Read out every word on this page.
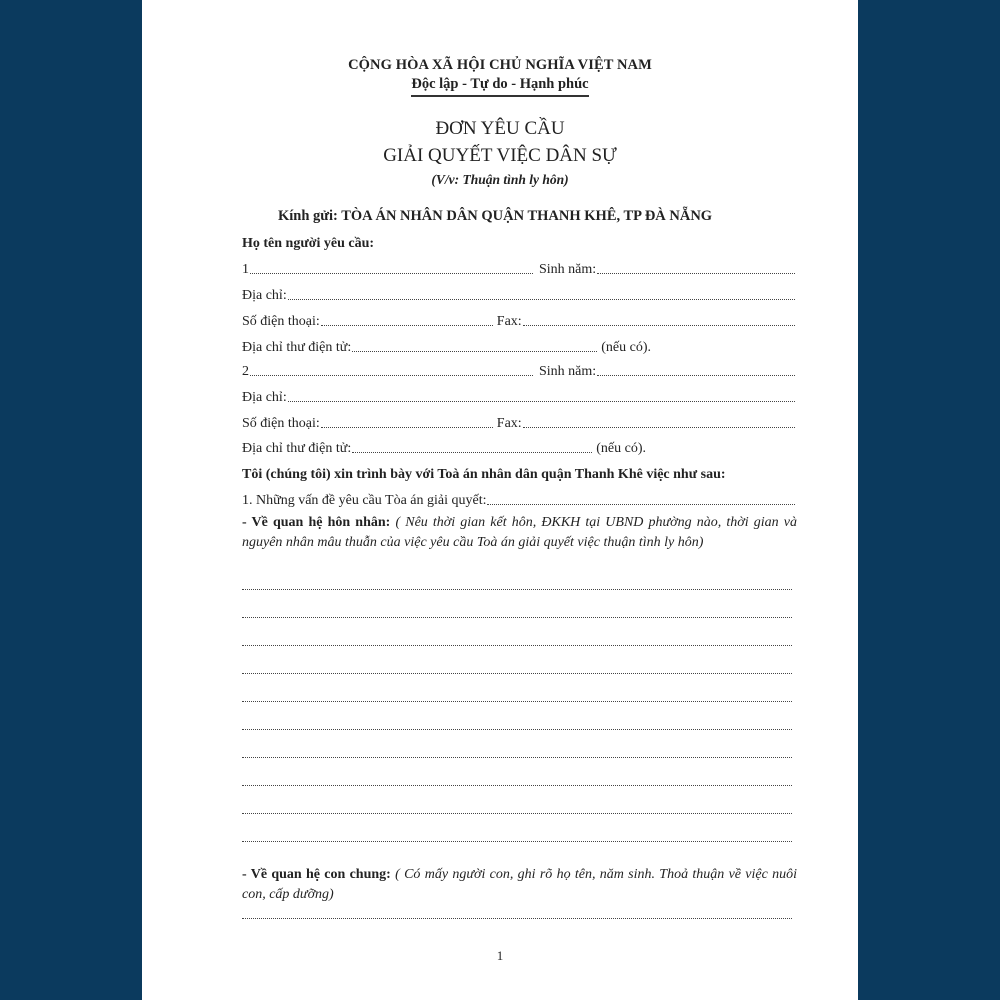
CỘNG HÒA XÃ HỘI CHỦ NGHĨA VIỆT NAM
Độc lập - Tự do - Hạnh phúc
ĐƠN YÊU CẦU
GIẢI QUYẾT VIỆC DÂN SỰ
(V/v: Thuận tình ly hôn)
Kính gửi: TÒA ÁN NHÂN DÂN QUẬN THANH KHÊ, TP ĐÀ NẴNG
Họ tên người yêu cầu:
1	Sinh năm:
Địa chỉ:
Số điện thoại:	Fax:
Địa chỉ thư điện tử:	(nếu có).
2	Sinh năm:
Địa chỉ:
Số điện thoại:	Fax:
Địa chỉ thư điện tử:	(nếu có).
Tôi (chúng tôi) xin trình bày với Toà án nhân dân quận Thanh Khê việc như sau:
1. Những vấn đề yêu cầu Tòa án giải quyết:
- Về quan hệ hôn nhân: ( Nêu thời gian kết hôn, ĐKKH tại UBND phường nào, thời gian và nguyên nhân mâu thuẫn của việc yêu cầu Toà án giải quyết việc thuận tình ly hôn)
- Về quan hệ con chung: ( Có mấy người con, ghi rõ họ tên, năm sinh. Thoả thuận về việc nuôi con, cấp dưỡng)
1
